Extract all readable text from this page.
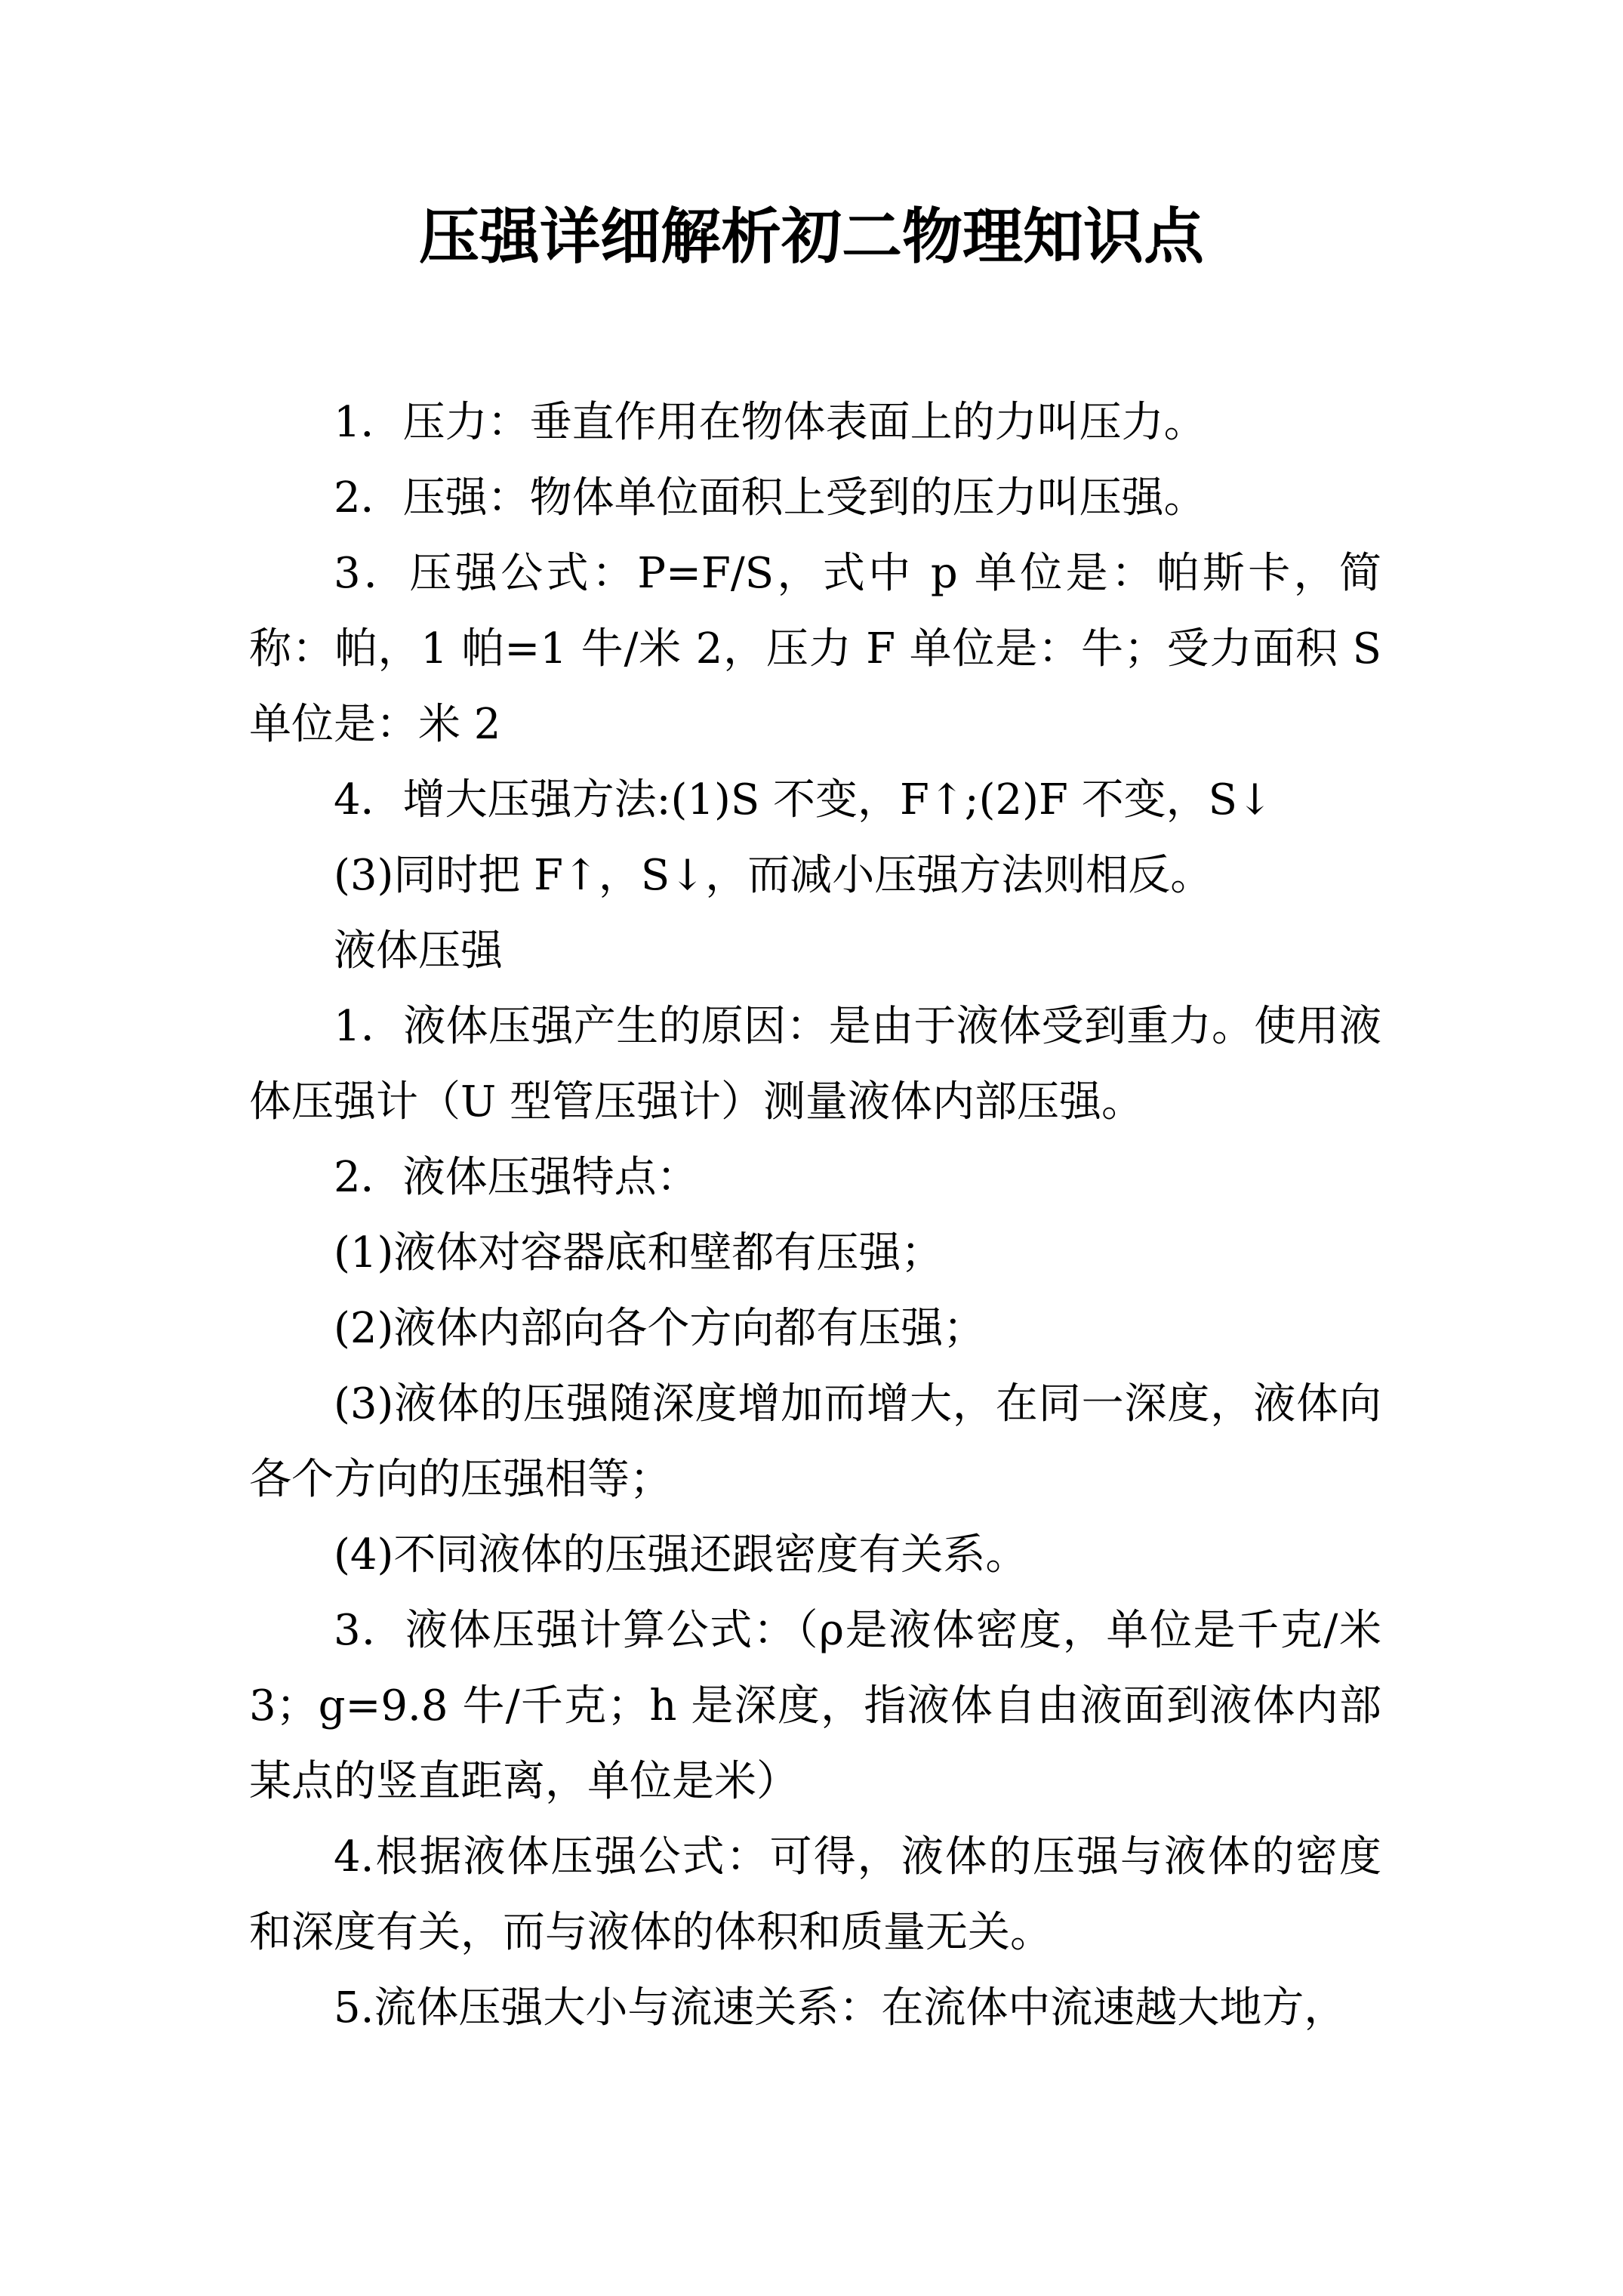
压强详细解析初二物理知识点

1．压力：垂直作用在物体表面上的力叫压力。

2．压强：物体单位面积上受到的压力叫压强。

3．压强公式：P=F/S，式中 p 单位是：帕斯卡，简称：帕，1 帕=1 牛/米 2，压力 F 单位是：牛；受力面积 S 单位是：米 2

4．增大压强方法:(1)S 不变，F↑;(2)F 不变，S↓

(3)同时把 F↑，S↓，而减小压强方法则相反。

液体压强

1．液体压强产生的原因：是由于液体受到重力。使用液体压强计（U 型管压强计）测量液体内部压强。

2．液体压强特点：

(1)液体对容器底和壁都有压强；

(2)液体内部向各个方向都有压强；

(3)液体的压强随深度增加而增大，在同一深度，液体向各个方向的压强相等；

(4)不同液体的压强还跟密度有关系。

3．液体压强计算公式：（ρ是液体密度，单位是千克/米 3；g=9.8 牛/千克；h 是深度，指液体自由液面到液体内部某点的竖直距离，单位是米）

4.根据液体压强公式：可得，液体的压强与液体的密度和深度有关，而与液体的体积和质量无关。

5.流体压强大小与流速关系：在流体中流速越大地方，
